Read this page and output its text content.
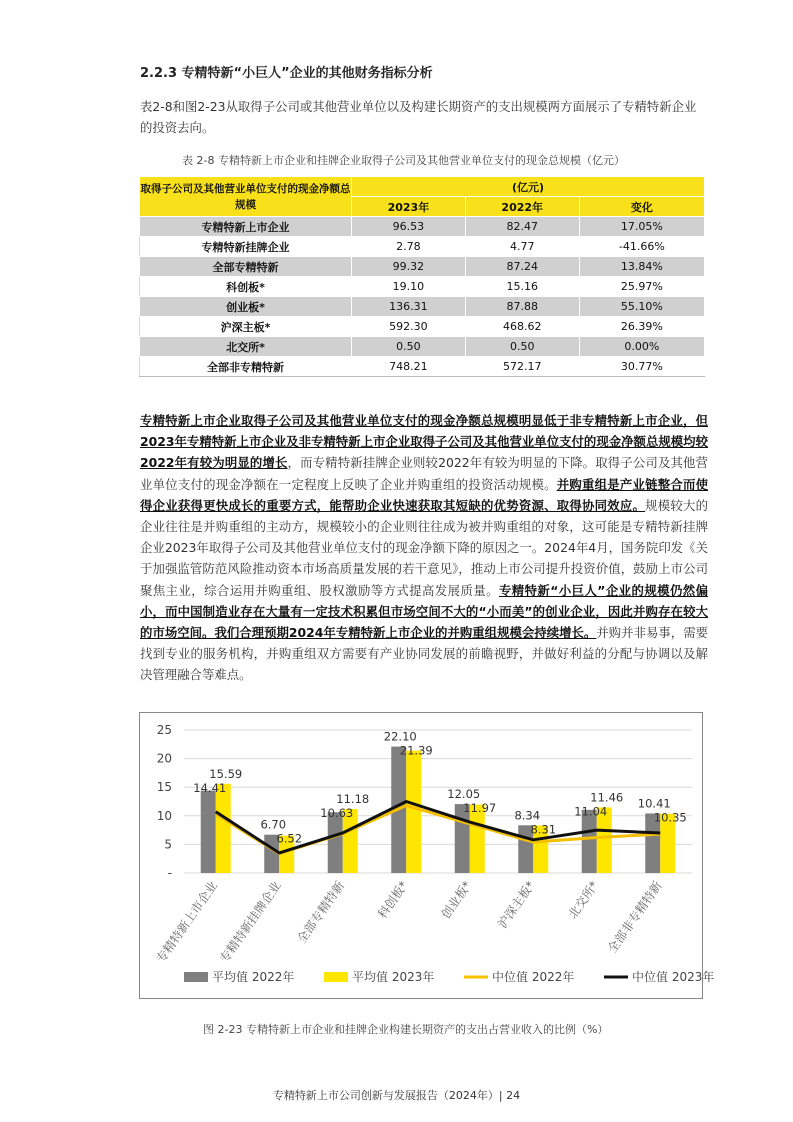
2.2.3 专精特新“小巨人”企业的其他财务指标分析
表2-8和图2-23从取得子公司或其他营业单位以及构建长期资产的支出规模两方面展示了专精特新企业的投资去向。
表 2-8 专精特新上市企业和挂牌企业取得子公司及其他营业单位支付的现金总规模（亿元）
取得子公司及其他营业单位支付的现金净额总规模	(亿元)		
	2023年	2022年	变化
专精特新上市企业	96.53	82.47	17.05%
专精特新挂牌企业	2.78	4.77	-41.66%
全部专精特新	99.32	87.24	13.84%
科创板*	19.10	15.16	25.97%
创业板*	136.31	87.88	55.10%
沪深主板*	592.30	468.62	26.39%
北交所*	0.50	0.50	0.00%
全部非专精特新	748.21	572.17	30.77%
专精特新上市企业取得子公司及其他营业单位支付的现金净额总规模明显低于非专精特新上市企业，但2023年专精特新上市企业及非专精特新上市企业取得子公司及其他营业单位支付的现金净额总规模均较2022年有较为明显的增长，而专精特新挂牌企业则较2022年有较为明显的下降。取得子公司及其他营业单位支付的现金净额在一定程度上反映了企业并购重组的投资活动规模。并购重组是产业链整合而使得企业获得更快成长的重要方式，能帮助企业快速获取其短缺的优势资源、取得协同效应。规模较大的企业往往是并购重组的主动方，规模较小的企业则往往成为被并购重组的对象，这可能是专精特新挂牌企业2023年取得子公司及其他营业单位支付的现金净额下降的原因之一。2024年4月，国务院印发《关于加强监管防范风险推动资本市场高质量发展的若干意见》，推动上市公司提升投资价值，鼓励上市公司聚焦主业，综合运用并购重组、股权激励等方式提高发展质量。专精特新“小巨人”企业的规模仍然偏小，而中国制造业存在大量有一定技术积累但市场空间不大的“小而美”的创业企业，因此并购存在较大的市场空间。我们合理预期2024年专精特新上市企业的并购重组规模会持续增长。并购并非易事，需要找到专业的服务机构，并购重组双方需要有产业协同发展的前瞻视野，并做好利益的分配与协调以及解决管理融合等难点。
-
5
10
15
20
25
14.41
15.59
6.70
6.52
10.63
11.18
22.10
21.39
12.05
11.97
8.34
8.31
11.04
11.46 10.41
10.35
专精特新上市企业
专精特新挂牌企业 全部专精特新 科创板* 创业板* 沪深主板* 北交所* 全部非专精特新
平均值 2022年	平均值 2023年	中位值 2022年	中位值 2023年
图 2-23 专精特新上市企业和挂牌企业构建长期资产的支出占营业收入的比例（%）
专精特新上市公司创新与发展报告（2024年）| 24
